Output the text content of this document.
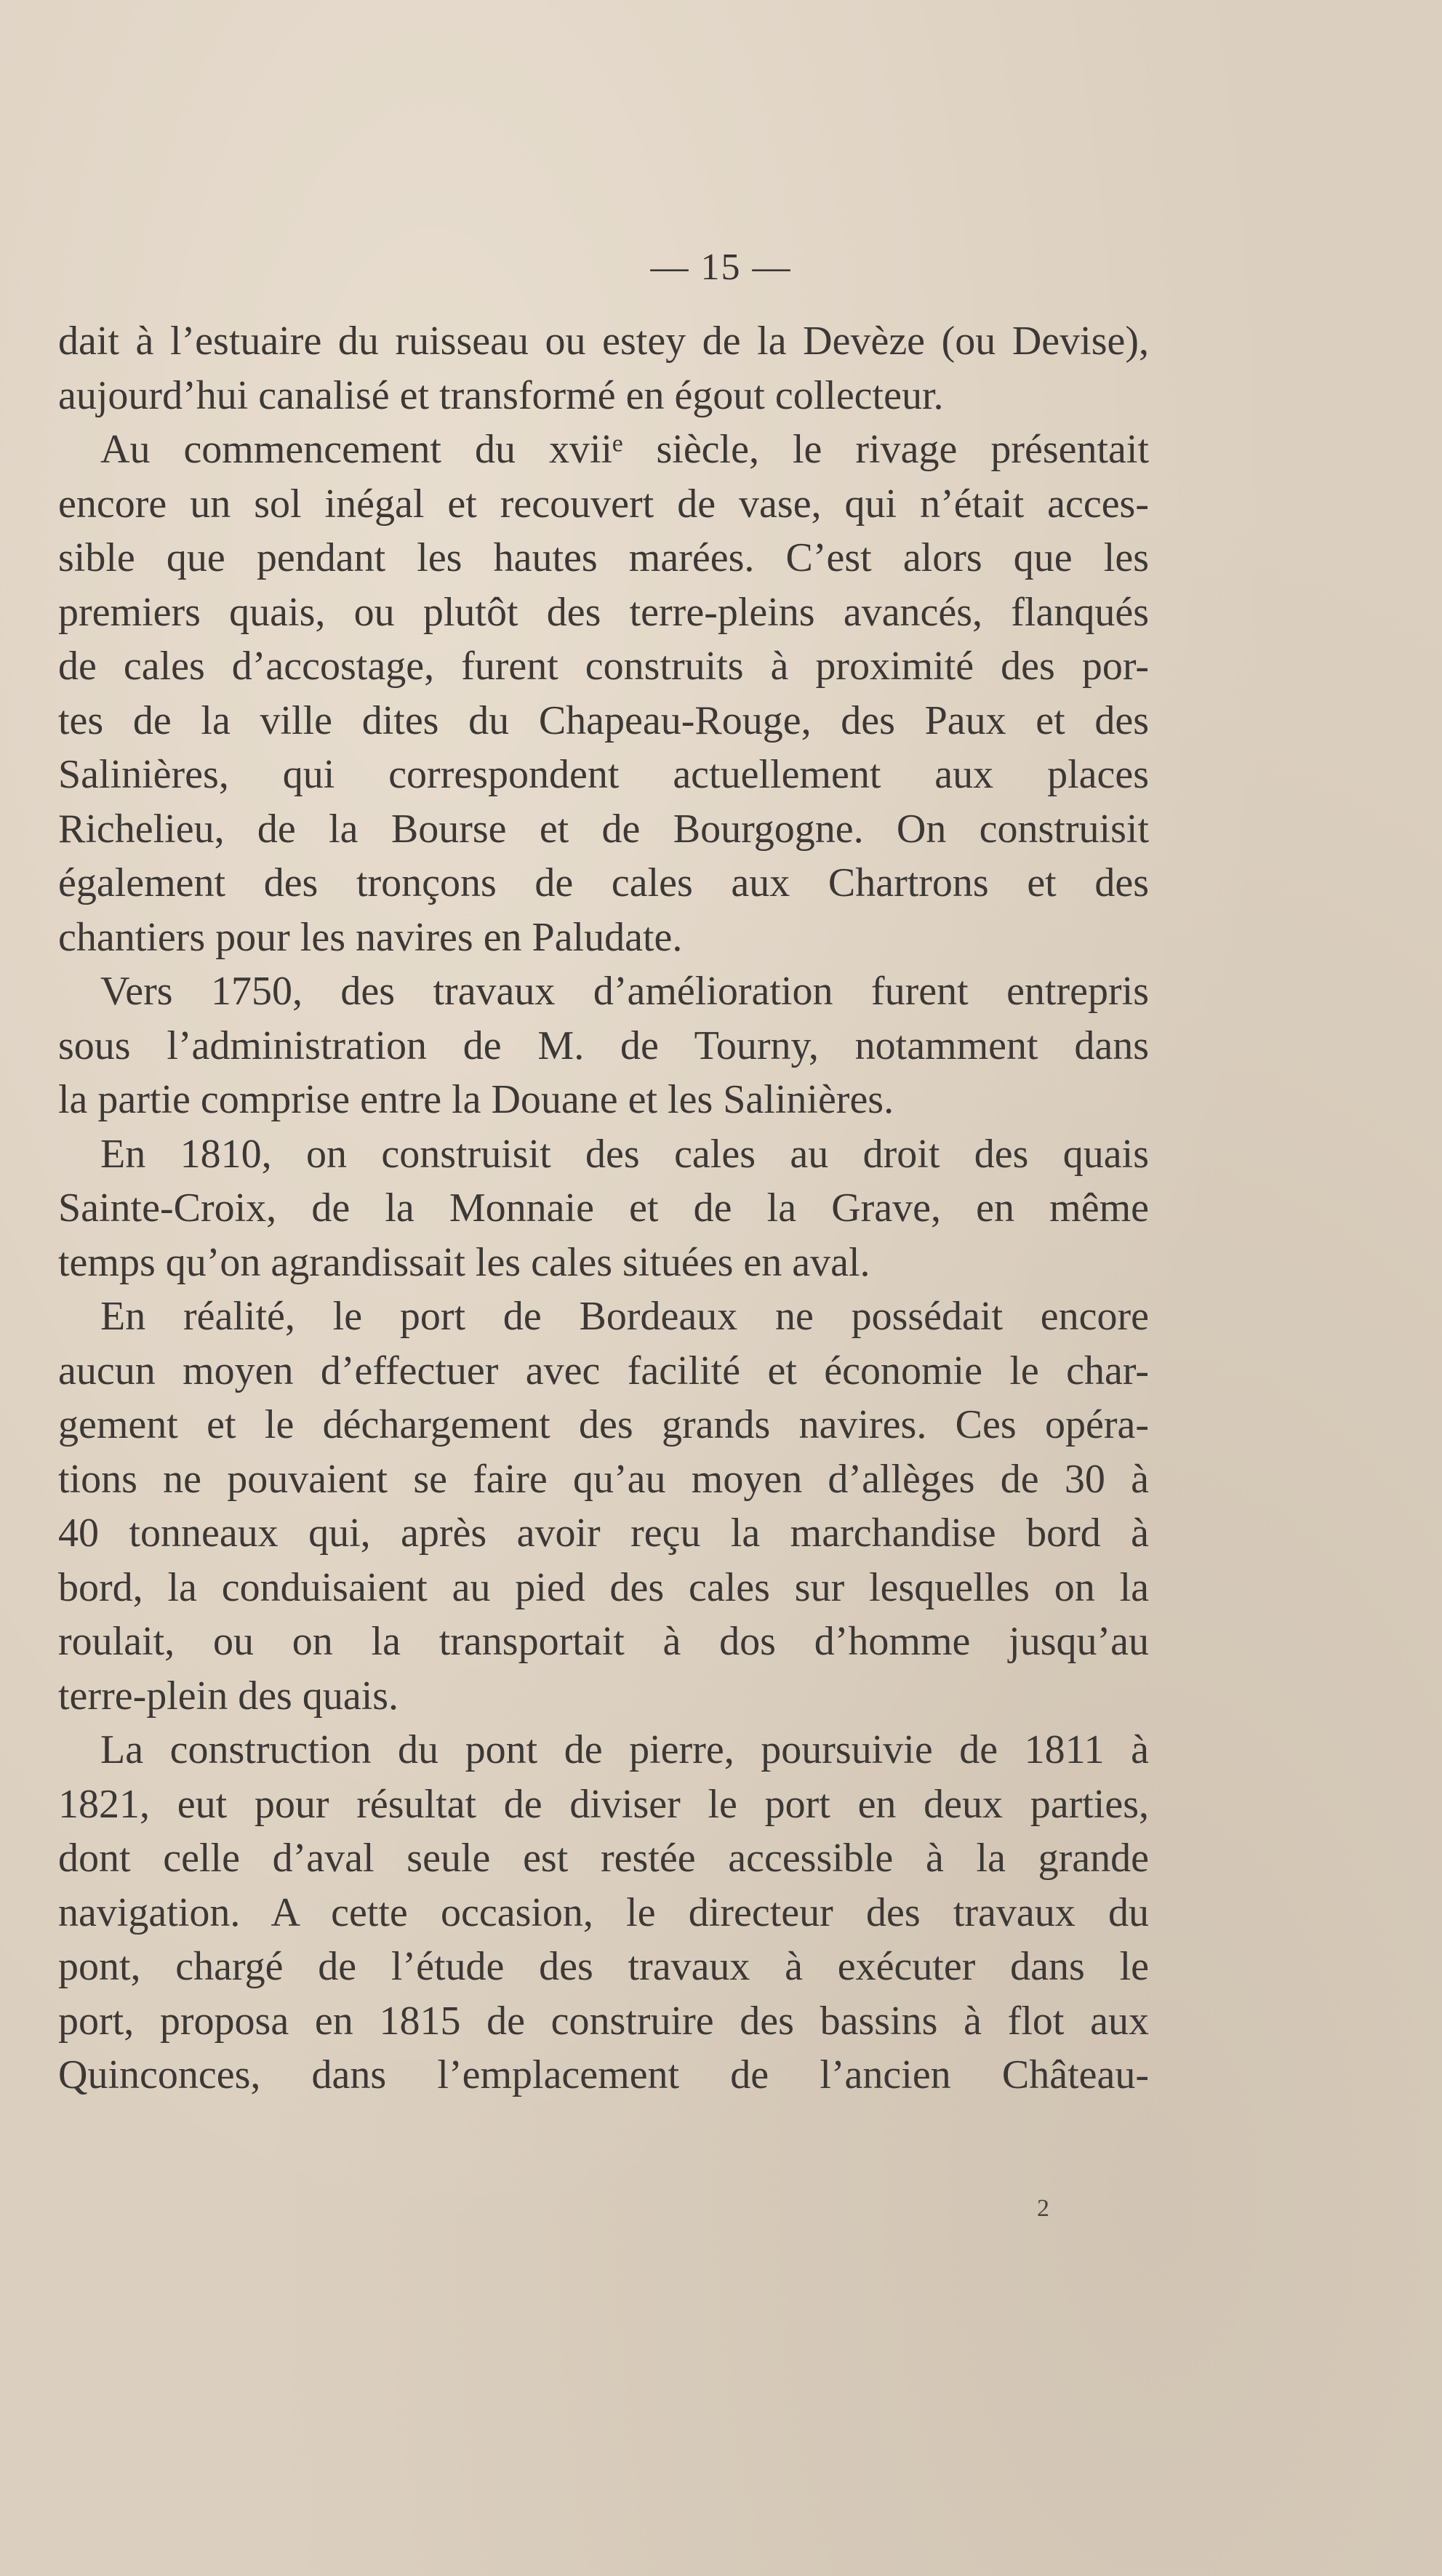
— 15 —
dait à l’estuaire du ruisseau ou estey de la Devèze (ou Devise),
aujourd’hui canalisé et transformé en égout collecteur.
Au commencement du xviiᵉ siècle, le rivage présentait
encore un sol inégal et recouvert de vase, qui n’était acces-
sible que pendant les hautes marées. C’est alors que les
premiers quais, ou plutôt des terre-pleins avancés, flanqués
de cales d’accostage, furent construits à proximité des por-
tes de la ville dites du Chapeau-Rouge, des Paux et des
Salinières, qui correspondent actuellement aux places
Richelieu, de la Bourse et de Bourgogne. On construisit
également des tronçons de cales aux Chartrons et des
chantiers pour les navires en Paludate.
Vers 1750, des travaux d’amélioration furent entrepris
sous l’administration de M. de Tourny, notamment dans
la partie comprise entre la Douane et les Salinières.
En 1810, on construisit des cales au droit des quais
Sainte-Croix, de la Monnaie et de la Grave, en même
temps qu’on agrandissait les cales situées en aval.
En réalité, le port de Bordeaux ne possédait encore
aucun moyen d’effectuer avec facilité et économie le char-
gement et le déchargement des grands navires. Ces opéra-
tions ne pouvaient se faire qu’au moyen d’allèges de 30 à
40 tonneaux qui, après avoir reçu la marchandise bord à
bord, la conduisaient au pied des cales sur lesquelles on la
roulait, ou on la transportait à dos d’homme jusqu’au
terre-plein des quais.
La construction du pont de pierre, poursuivie de 1811 à
1821, eut pour résultat de diviser le port en deux parties,
dont celle d’aval seule est restée accessible à la grande
navigation. A cette occasion, le directeur des travaux du
pont, chargé de l’étude des travaux à exécuter dans le
port, proposa en 1815 de construire des bassins à flot aux
Quinconces, dans l’emplacement de l’ancien Château-
2
